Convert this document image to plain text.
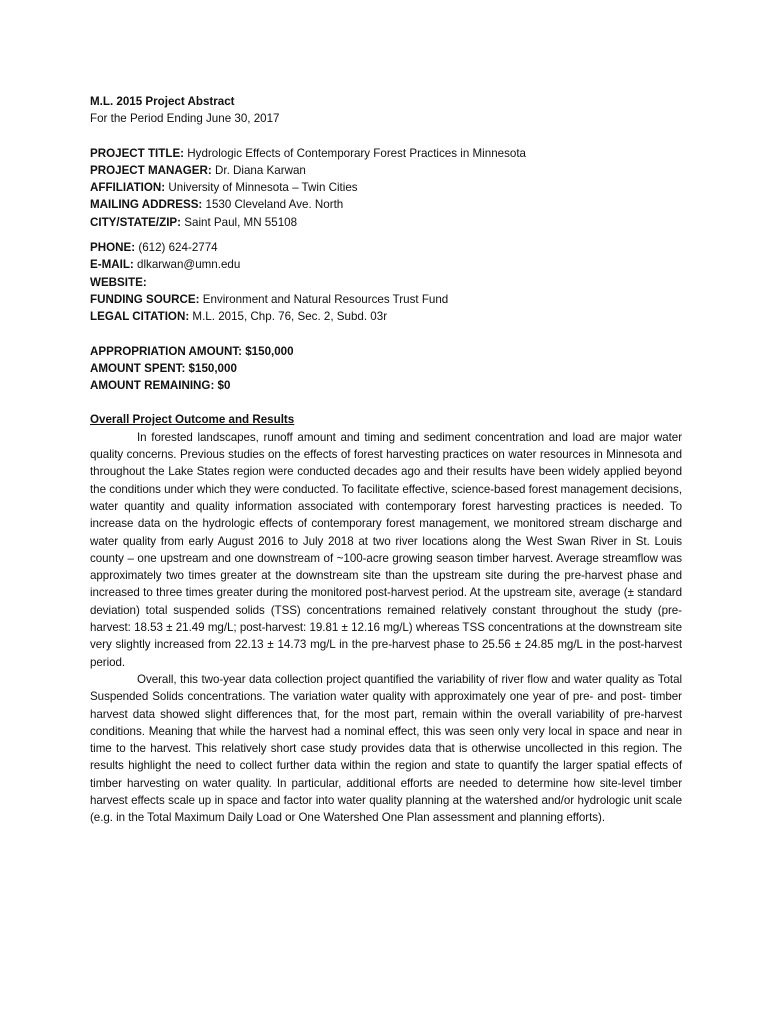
M.L. 2015 Project Abstract
For the Period Ending June 30, 2017
PROJECT TITLE: Hydrologic Effects of Contemporary Forest Practices in Minnesota
PROJECT MANAGER: Dr. Diana Karwan
AFFILIATION: University of Minnesota – Twin Cities
MAILING ADDRESS: 1530 Cleveland Ave. North
CITY/STATE/ZIP: Saint Paul, MN 55108
PHONE: (612) 624-2774
E-MAIL: dlkarwan@umn.edu
WEBSITE:
FUNDING SOURCE: Environment and Natural Resources Trust Fund
LEGAL CITATION: M.L. 2015, Chp. 76, Sec. 2, Subd. 03r
APPROPRIATION AMOUNT: $150,000
AMOUNT SPENT: $150,000
AMOUNT REMAINING: $0
Overall Project Outcome and Results

In forested landscapes, runoff amount and timing and sediment concentration and load are major water quality concerns. Previous studies on the effects of forest harvesting practices on water resources in Minnesota and throughout the Lake States region were conducted decades ago and their results have been widely applied beyond the conditions under which they were conducted. To facilitate effective, science-based forest management decisions, water quantity and quality information associated with contemporary forest harvesting practices is needed. To increase data on the hydrologic effects of contemporary forest management, we monitored stream discharge and water quality from early August 2016 to July 2018 at two river locations along the West Swan River in St. Louis county – one upstream and one downstream of ~100-acre growing season timber harvest. Average streamflow was approximately two times greater at the downstream site than the upstream site during the pre-harvest phase and increased to three times greater during the monitored post-harvest period. At the upstream site, average (± standard deviation) total suspended solids (TSS) concentrations remained relatively constant throughout the study (pre-harvest: 18.53 ± 21.49 mg/L; post-harvest: 19.81 ± 12.16 mg/L) whereas TSS concentrations at the downstream site very slightly increased from 22.13 ± 14.73 mg/L in the pre-harvest phase to 25.56 ± 24.85 mg/L in the post-harvest period.

Overall, this two-year data collection project quantified the variability of river flow and water quality as Total Suspended Solids concentrations. The variation water quality with approximately one year of pre- and post- timber harvest data showed slight differences that, for the most part, remain within the overall variability of pre-harvest conditions. Meaning that while the harvest had a nominal effect, this was seen only very local in space and near in time to the harvest. This relatively short case study provides data that is otherwise uncollected in this region. The results highlight the need to collect further data within the region and state to quantify the larger spatial effects of timber harvesting on water quality. In particular, additional efforts are needed to determine how site-level timber harvest effects scale up in space and factor into water quality planning at the watershed and/or hydrologic unit scale (e.g. in the Total Maximum Daily Load or One Watershed One Plan assessment and planning efforts).
